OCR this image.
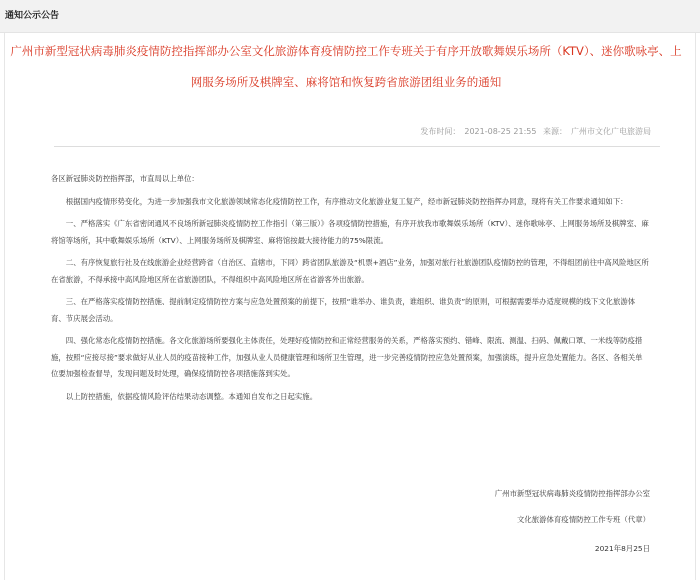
通知公示公告
广州市新型冠状病毒肺炎疫情防控指挥部办公室文化旅游体育疫情防控工作专班关于有序开放歌舞娱乐场所（KTV）、迷你歌咏亭、上网服务场所及棋牌室、麻将馆和恢复跨省旅游团组业务的通知
发布时间： 2021-08-25 21:55 来源： 广州市文化广电旅游局

各区新冠肺炎防控指挥部，市直局以上单位：

根据国内疫情形势变化，为进一步加强我市文化旅游领域常态化疫情防控工作，有序推动文化旅游业复工复产，经市新冠肺炎防控指挥办同意，现将有关工作要求通知如下：

一、严格落实《广东省密闭通风不良场所新冠肺炎疫情防控工作指引（第三版）》各项疫情防控措施，有序开放我市歌舞娱乐场所（KTV）、迷你歌咏亭、上网服务场所及棋牌室、麻将馆等场所，其中歌舞娱乐场所（KTV）、上网服务场所及棋牌室、麻将馆按最大接待能力的75%限流。

二、有序恢复旅行社及在线旅游企业经营跨省（自治区、直辖市，下同）跨省团队旅游及“机票+酒店”业务，加强对旅行社旅游团队疫情防控的管理，不得组团前往中高风险地区所在省旅游，不得承接中高风险地区所在省旅游团队，不得组织中高风险地区所在省游客外出旅游。

三、在严格落实疫情防控措施、提前制定疫情防控方案与应急处置预案的前提下，按照“谁举办、谁负责，谁组织、谁负责”的原则，可根据需要举办适度规模的线下文化旅游体育、节庆展会活动。

四、强化常态化疫情防控措施。各文化旅游场所要强化主体责任，处理好疫情防控和正常经营服务的关系，严格落实预约、错峰、限流、测温、扫码、佩戴口罩、一米线等防疫措施，按照“应接尽接”要求做好从业人员的疫苗接种工作，加强从业人员健康管理和场所卫生管理，进一步完善疫情防控应急处置预案，加强演练，提升应急处置能力。各区、各相关单位要加强检查督导，发现问题及时处理，确保疫情防控各项措施落到实处。

以上防控措施，依据疫情风险评估结果动态调整。本通知自发布之日起实施。

广州市新型冠状病毒肺炎疫情防控指挥部办公室

文化旅游体育疫情防控工作专班（代章）

2021年8月25日
